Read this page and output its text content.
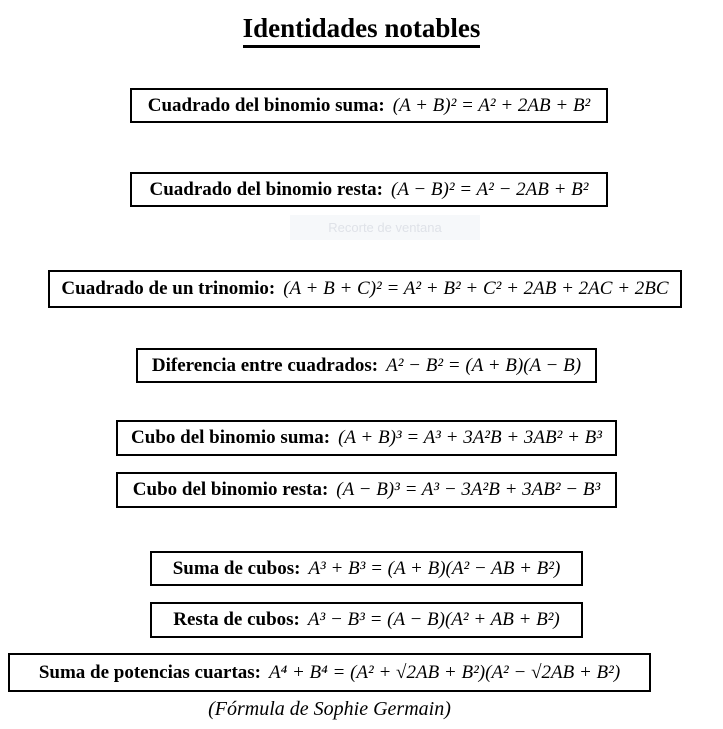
Identidades notables
Cuadrado del binomio suma: (A + B)² = A² + 2AB + B²
Cuadrado del binomio resta: (A − B)² = A² − 2AB + B²
Recorte de ventana
Cuadrado de un trinomio: (A + B + C)² = A² + B² + C² + 2AB + 2AC + 2BC
Diferencia entre cuadrados: A² − B² = (A + B)(A − B)
Cubo del binomio suma: (A + B)³ = A³ + 3A²B + 3AB² + B³
Cubo del binomio resta: (A − B)³ = A³ − 3A²B + 3AB² − B³
Suma de cubos: A³ + B³ = (A + B)(A² − AB + B²)
Resta de cubos: A³ − B³ = (A − B)(A² + AB + B²)
Suma de potencias cuartas: A⁴ + B⁴ = (A² + √2AB + B²)(A² − √2AB + B²)
(Fórmula de Sophie Germain)
